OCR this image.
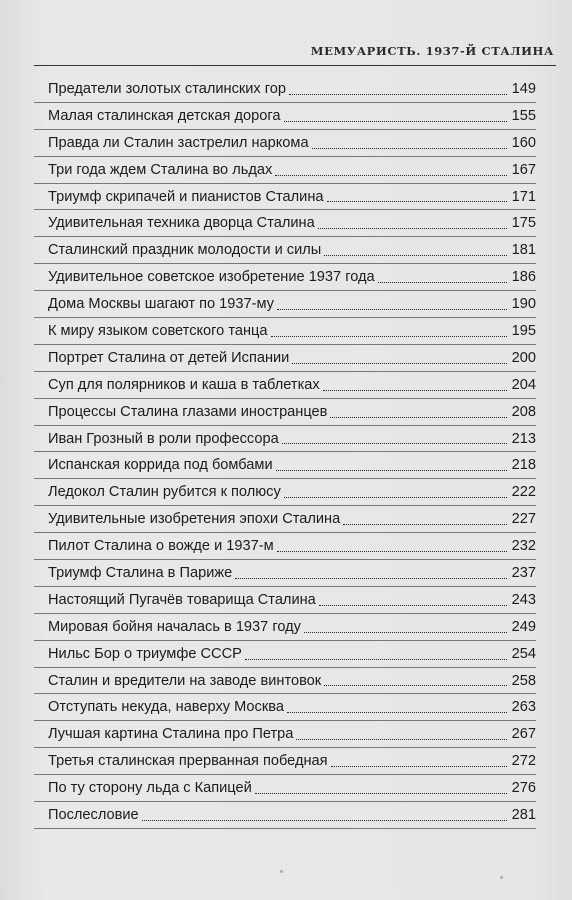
МЕМУАРИСТЬ. 1937-Й СТАЛИНА
Предатели золотых сталинских гор	149
Малая сталинская детская дорога	155
Правда ли Сталин застрелил наркома	160
Три года ждем Сталина во льдах	167
Триумф скрипачей и пианистов Сталина	171
Удивительная техника дворца Сталина	175
Сталинский праздник молодости и силы	181
Удивительное советское изобретение 1937 года	186
Дома Москвы шагают по 1937-му	190
К миру языком советского танца	195
Портрет Сталина от детей Испании	200
Суп для полярников и каша в таблетках	204
Процессы Сталина глазами иностранцев	208
Иван Грозный в роли профессора	213
Испанская коррида под бомбами	218
Ледокол Сталин рубится к полюсу	222
Удивительные изобретения эпохи Сталина	227
Пилот Сталина о вожде и 1937-м	232
Триумф Сталина в Париже	237
Настоящий Пугачёв товарища Сталина	243
Мировая бойня началась в 1937 году	249
Нильс Бор о триумфе СССР	254
Сталин и вредители на заводе винтовок	258
Отступать некуда, наверху Москва	263
Лучшая картина Сталина про Петра	267
Третья сталинская прерванная победная	272
По ту сторону льда с Капицей	276
Послесловие	281
